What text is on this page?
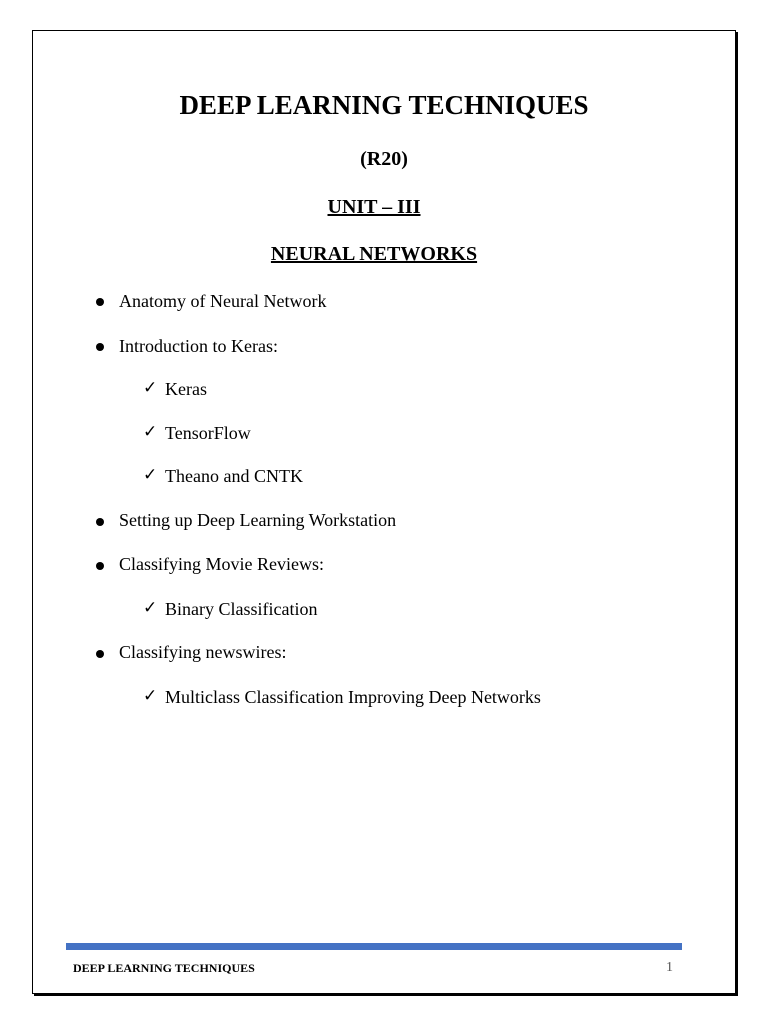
DEEP LEARNING TECHNIQUES
(R20)
UNIT – III
NEURAL NETWORKS
Anatomy of Neural Network
Introduction to Keras:
✓ Keras
✓ TensorFlow
✓ Theano and CNTK
Setting up Deep Learning Workstation
Classifying Movie Reviews:
✓ Binary Classification
Classifying newswires:
✓ Multiclass Classification Improving Deep Networks
DEEP LEARNING TECHNIQUES	1
